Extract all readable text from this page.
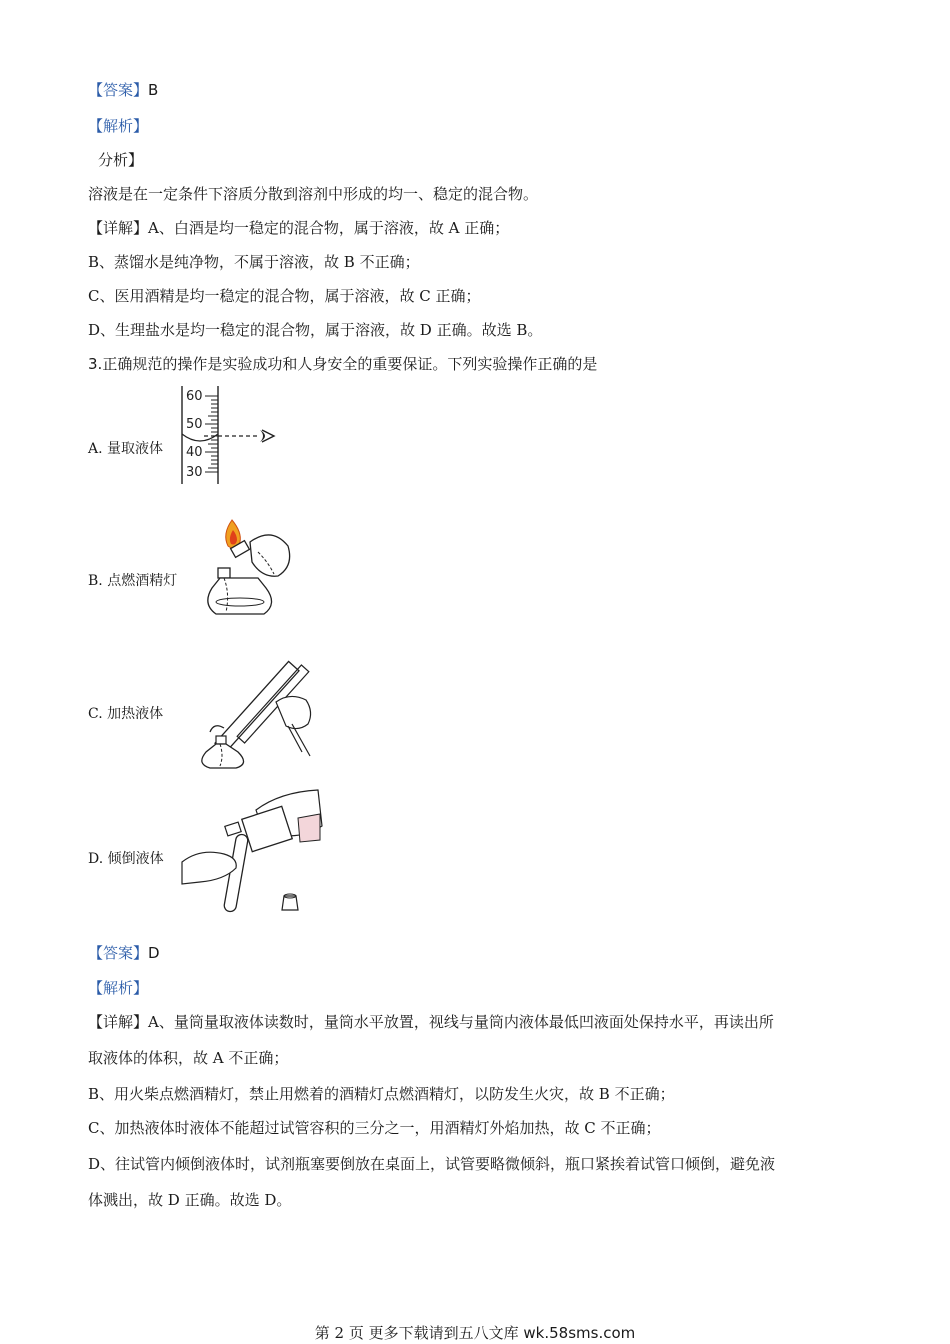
【答案】B
【解析】
分析】
溶液是在一定条件下溶质分散到溶剂中形成的均一、稳定的混合物。
【详解】A、白酒是均一稳定的混合物，属于溶液，故 A 正确；
B、蒸馏水是纯净物，不属于溶液，故 B 不正确；
C、医用酒精是均一稳定的混合物，属于溶液，故 C 正确；
D、生理盐水是均一稳定的混合物，属于溶液，故 D 正确。故选 B。
3.正确规范的操作是实验成功和人身安全的重要保证。下列实验操作正确的是
A. 量取液体
60
50
40
30
B. 点燃酒精灯
C. 加热液体
D. 倾倒液体
【答案】D
【解析】
【详解】A、量筒量取液体读数时，量筒水平放置，视线与量筒内液体最低凹液面处保持水平，再读出所
取液体的体积，故 A 不正确；
B、用火柴点燃酒精灯，禁止用燃着的酒精灯点燃酒精灯，以防发生火灾，故 B 不正确；
C、加热液体时液体不能超过试管容积的三分之一，用酒精灯外焰加热，故 C 不正确；
D、往试管内倾倒液体时，试剂瓶塞要倒放在桌面上，试管要略微倾斜，瓶口紧挨着试管口倾倒，避免液
体溅出，故 D 正确。故选 D。
第 2 页 更多下载请到五八文库 wk.58sms.com
